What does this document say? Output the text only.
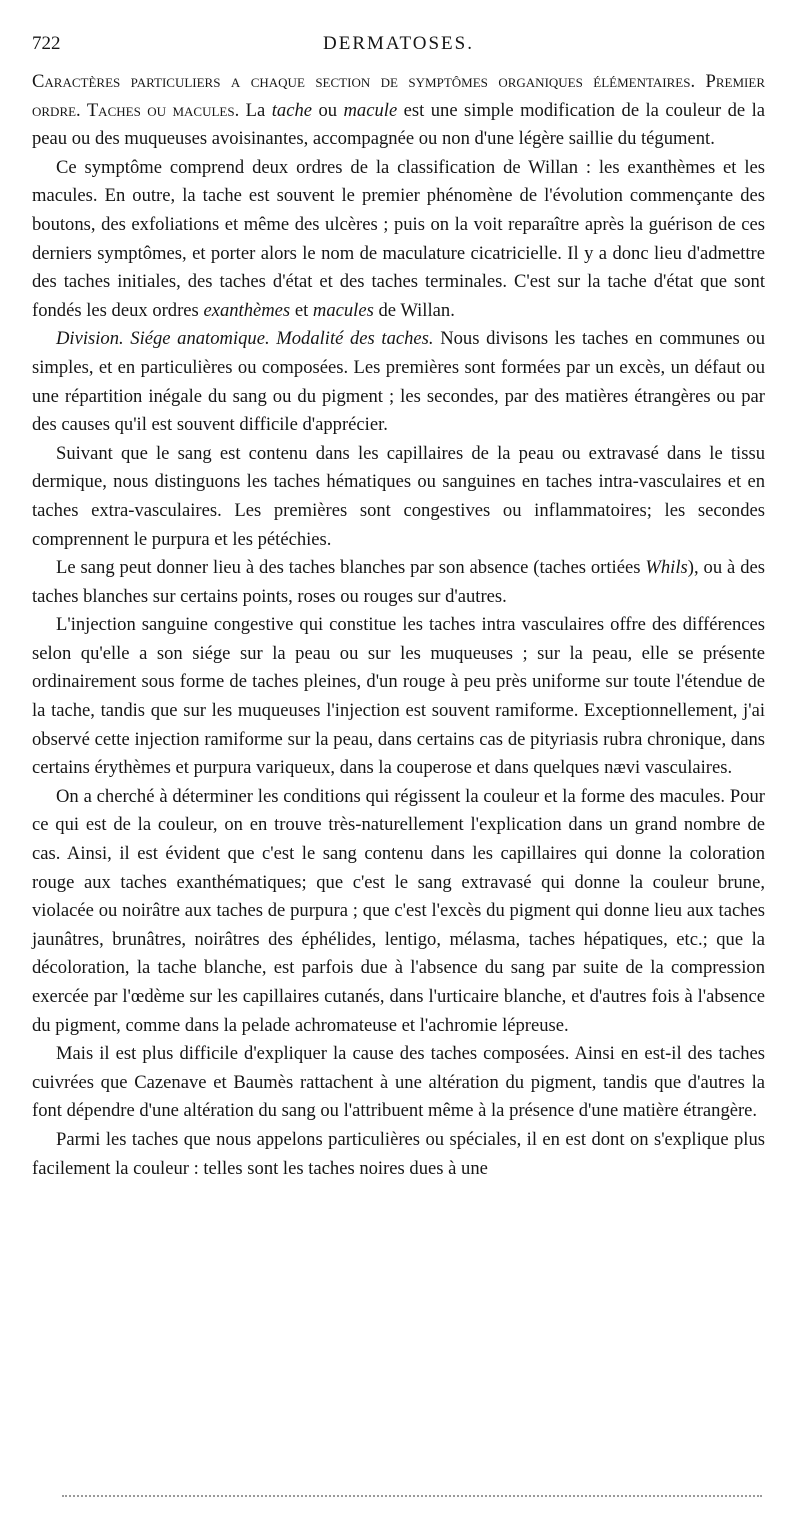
722	DERMATOSES.

Caractères particuliers a chaque section de symptômes organiques élémentaires. Premier ordre. Taches ou macules. La tache ou macule est une simple modification de la couleur de la peau ou des muqueuses avoisinantes, accompagnée ou non d'une légère saillie du tégument.

Ce symptôme comprend deux ordres de la classification de Willan : les exanthèmes et les macules. En outre, la tache est souvent le premier phénomène de l'évolution commençante des boutons, des exfoliations et même des ulcères ; puis on la voit reparaître après la guérison de ces derniers symptômes, et porter alors le nom de maculature cicatricielle. Il y a donc lieu d'admettre des taches initiales, des taches d'état et des taches terminales. C'est sur la tache d'état que sont fondés les deux ordres exanthèmes et macules de Willan.

Division. Siége anatomique. Modalité des taches. Nous divisons les taches en communes ou simples, et en particulières ou composées. Les premières sont formées par un excès, un défaut ou une répartition inégale du sang ou du pigment ; les secondes, par des matières étrangères ou par des causes qu'il est souvent difficile d'apprécier.

Suivant que le sang est contenu dans les capillaires de la peau ou extravasé dans le tissu dermique, nous distinguons les taches hématiques ou sanguines en taches intra-vasculaires et en taches extra-vasculaires. Les premières sont congestives ou inflammatoires; les secondes comprennent le purpura et les pétéchies.

Le sang peut donner lieu à des taches blanches par son absence (taches ortiées Whils), ou à des taches blanches sur certains points, roses ou rouges sur d'autres.

L'injection sanguine congestive qui constitue les taches intra vasculaires offre des différences selon qu'elle a son siége sur la peau ou sur les muqueuses ; sur la peau, elle se présente ordinairement sous forme de taches pleines, d'un rouge à peu près uniforme sur toute l'étendue de la tache, tandis que sur les muqueuses l'injection est souvent ramiforme. Exceptionnellement, j'ai observé cette injection ramiforme sur la peau, dans certains cas de pityriasis rubra chronique, dans certains érythèmes et purpura variqueux, dans la couperose et dans quelques nævi vasculaires.

On a cherché à déterminer les conditions qui régissent la couleur et la forme des macules. Pour ce qui est de la couleur, on en trouve très-naturellement l'explication dans un grand nombre de cas. Ainsi, il est évident que c'est le sang contenu dans les capillaires qui donne la coloration rouge aux taches exanthématiques; que c'est le sang extravasé qui donne la couleur brune, violacée ou noirâtre aux taches de purpura ; que c'est l'excès du pigment qui donne lieu aux taches jaunâtres, brunâtres, noirâtres des éphélides, lentigo, mélasma, taches hépatiques, etc.; que la décoloration, la tache blanche, est parfois due à l'absence du sang par suite de la compression exercée par l'œdème sur les capillaires cutanés, dans l'urticaire blanche, et d'autres fois à l'absence du pigment, comme dans la pelade achromateuse et l'achromie lépreuse.

Mais il est plus difficile d'expliquer la cause des taches composées. Ainsi en est-il des taches cuivrées que Cazenave et Baumès rattachent à une altération du pigment, tandis que d'autres la font dépendre d'une altération du sang ou l'attribuent même à la présence d'une matière étrangère.

Parmi les taches que nous appelons particulières ou spéciales, il en est dont on s'explique plus facilement la couleur : telles sont les taches noires dues à une
